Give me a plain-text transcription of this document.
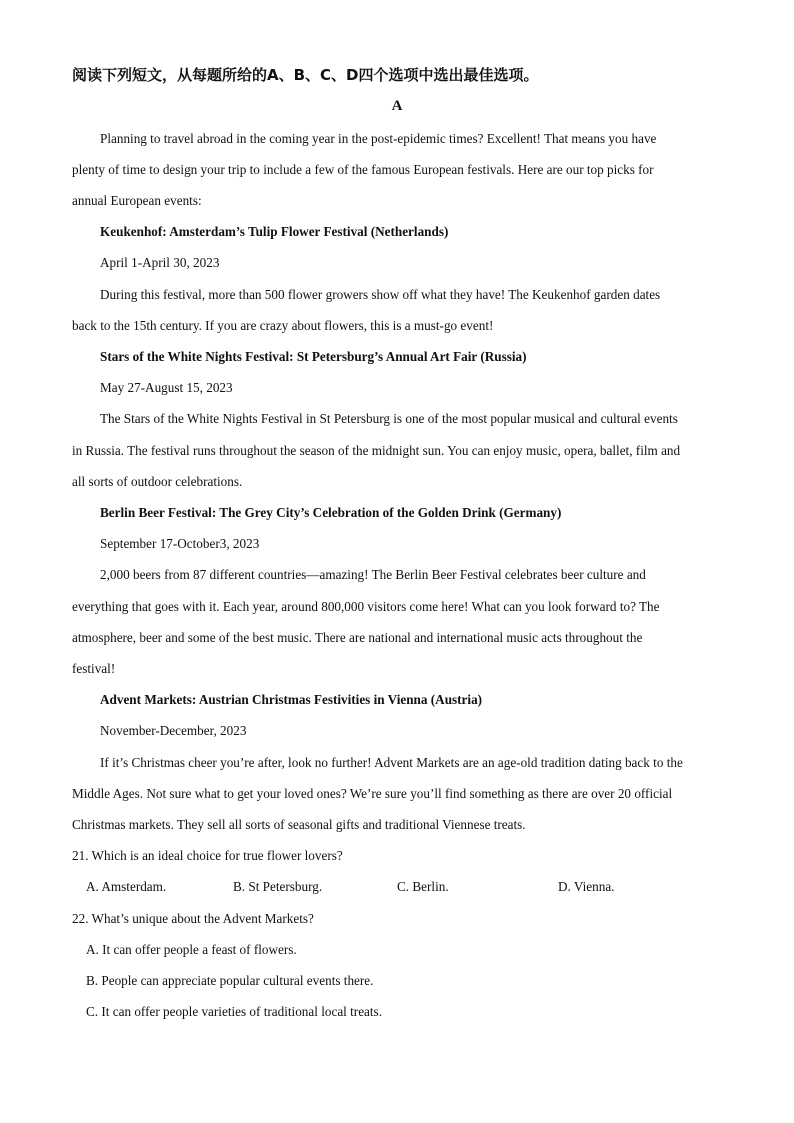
阅读下列短文，从每题所给的A、B、C、D四个选项中选出最佳选项。
A
Planning to travel abroad in the coming year in the post-epidemic times? Excellent! That means you have
plenty of time to design your trip to include a few of the famous European festivals. Here are our top picks for
annual European events:
Keukenhof: Amsterdam’s Tulip Flower Festival (Netherlands)
April 1-April 30, 2023
During this festival, more than 500 flower growers show off what they have! The Keukenhof garden dates
back to the 15th century. If you are crazy about flowers, this is a must-go event!
Stars of the White Nights Festival: St Petersburg’s Annual Art Fair (Russia)
May 27-August 15, 2023
The Stars of the White Nights Festival in St Petersburg is one of the most popular musical and cultural events
in Russia. The festival runs throughout the season of the midnight sun. You can enjoy music, opera, ballet, film and
all sorts of outdoor celebrations.
Berlin Beer Festival: The Grey City’s Celebration of the Golden Drink (Germany)
September 17-October3, 2023
2,000 beers from 87 different countries—amazing! The Berlin Beer Festival celebrates beer culture and
everything that goes with it. Each year, around 800,000 visitors come here! What can you look forward to? The
atmosphere, beer and some of the best music. There are national and international music acts throughout the
festival!
Advent Markets: Austrian Christmas Festivities in Vienna (Austria)
November-December, 2023
If it’s Christmas cheer you’re after, look no further! Advent Markets are an age-old tradition dating back to the
Middle Ages. Not sure what to get your loved ones? We’re sure you’ll find something as there are over 20 official
Christmas markets. They sell all sorts of seasonal gifts and traditional Viennese treats.
21. Which is an ideal choice for true flower lovers?
A. Amsterdam.	B. St Petersburg.	C. Berlin.	D. Vienna.
22. What’s unique about the Advent Markets?
A. It can offer people a feast of flowers.
B. People can appreciate popular cultural events there.
C. It can offer people varieties of traditional local treats.
